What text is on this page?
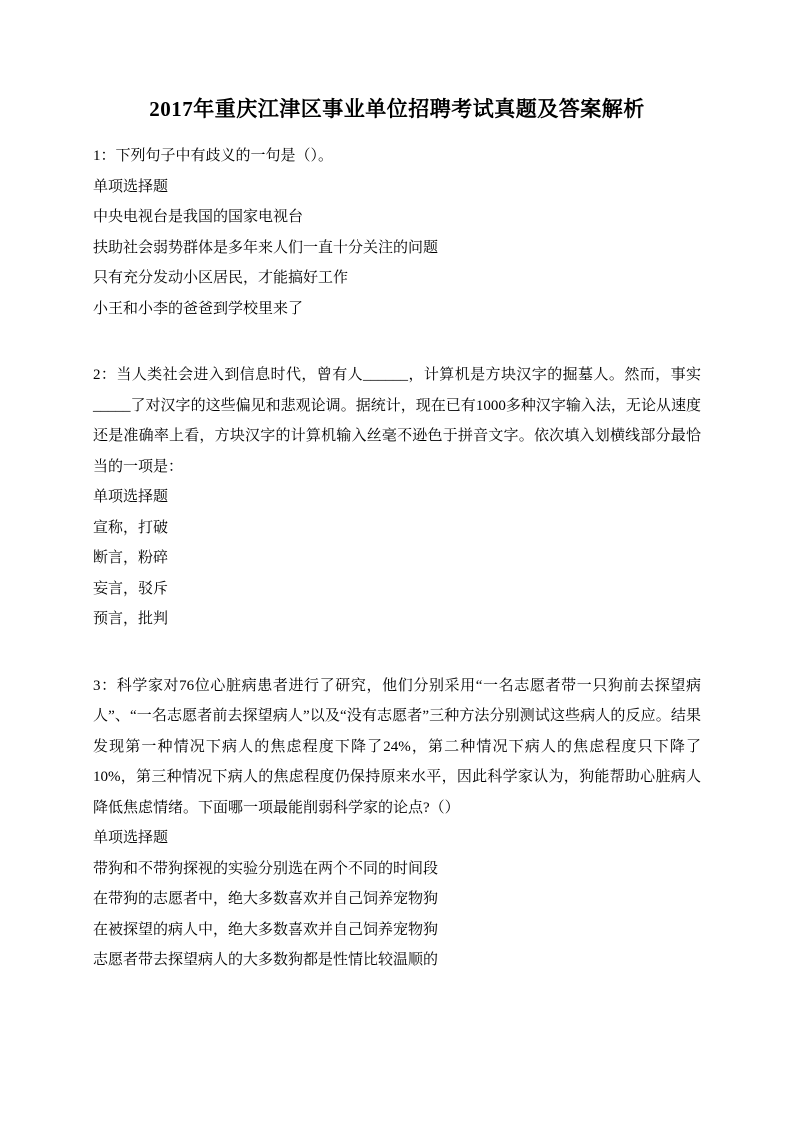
2017年重庆江津区事业单位招聘考试真题及答案解析

1：下列句子中有歧义的一句是（）。

单项选择题

中央电视台是我国的国家电视台

扶助社会弱势群体是多年来人们一直十分关注的问题

只有充分发动小区居民，才能搞好工作

小王和小李的爸爸到学校里来了

2：当人类社会进入到信息时代，曾有人______，计算机是方块汉字的掘墓人。然而，事实_____了对汉字的这些偏见和悲观论调。据统计，现在已有1000多种汉字输入法，无论从速度还是准确率上看，方块汉字的计算机输入丝毫不逊色于拼音文字。依次填入划横线部分最恰当的一项是：

单项选择题

宣称，打破

断言，粉碎

妄言，驳斥

预言，批判

3：科学家对76位心脏病患者进行了研究，他们分别采用“一名志愿者带一只狗前去探望病人”、“一名志愿者前去探望病人”以及“没有志愿者”三种方法分别测试这些病人的反应。结果发现第一种情况下病人的焦虑程度下降了24%，第二种情况下病人的焦虑程度只下降了10%，第三种情况下病人的焦虑程度仍保持原来水平，因此科学家认为，狗能帮助心脏病人降低焦虑情绪。下面哪一项最能削弱科学家的论点?（）

单项选择题

带狗和不带狗探视的实验分别选在两个不同的时间段

在带狗的志愿者中，绝大多数喜欢并自己饲养宠物狗

在被探望的病人中，绝大多数喜欢并自己饲养宠物狗

志愿者带去探望病人的大多数狗都是性情比较温顺的
